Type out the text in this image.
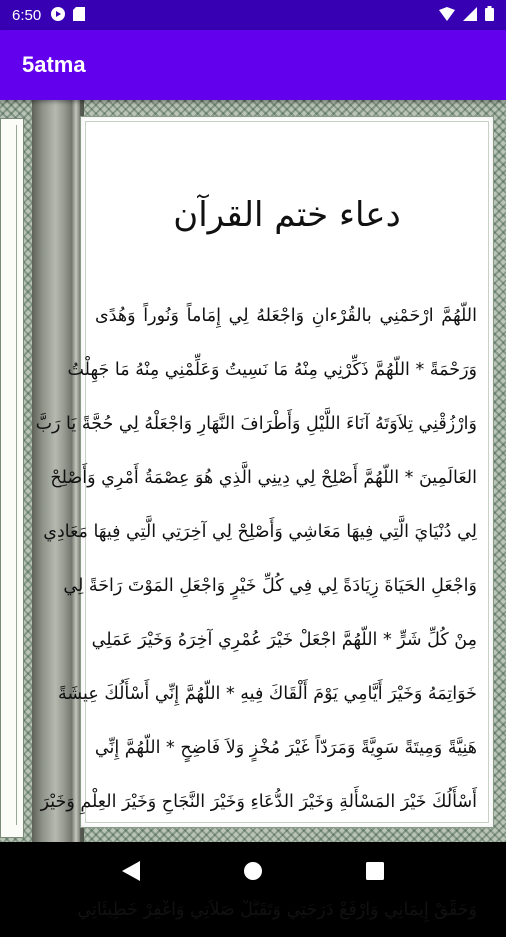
6:50
5atma
دعاء ختم القرآن
اللّهُمَّ ارْحَمْنِي بالقُرْءانِ وَاجْعَلهُ لِي إِمَاماً وَنُوراً وَهُدًى
وَرَحْمَةً * اللّهُمَّ ذَكِّرْنِي مِنْهُ مَا نَسِيتُ وَعَلِّمْنِي مِنْهُ مَا جَهِلْتُ
وَارْزُقْنِي تِلاَوَتَهُ آنَاءَ اللَّيْلِ وَأَطْرَافَ النَّهَارِ وَاجْعَلْهُ لِي حُجَّةً يَا رَبَّ
العَالَمِينَ * اللّهُمَّ أَصْلِحْ لِي دِينِي الَّذِي هُوَ عِصْمَةُ أَمْرِي وَأَصْلِحْ
لِي دُنْيَايَ الَّتِي فِيهَا مَعَاشِي وَأَصْلِحْ لِي آخِرَتِي الَّتِي فِيهَا مَعَادِي
وَاجْعَلِ الحَيَاةَ زِيَادَةً لِي فِي كُلِّ خَيْرٍ وَاجْعَلِ المَوْتَ رَاحَةً لِي
مِنْ كُلِّ شَرٍّ * اللّهُمَّ اجْعَلْ خَيْرَ عُمْرِي آخِرَهُ وَخَيْرَ عَمَلِي
خَوَاتِمَهُ وَخَيْرَ أَيَّامِي يَوْمَ أَلْقَاكَ فِيهِ * اللّهُمَّ إِنِّي أَسْأَلُكَ عِيشَةً
هَنِيَّةً وَمِيتَةً سَوِيَّةً وَمَرَدّاً غَيْرَ مُخْزٍ وَلاَ فَاضِحٍ * اللّهُمَّ إِنِّي
أَسْأَلُكَ خَيْرَ المَسْأَلةِ وَخَيْرَ الدُّعَاءِ وَخَيْرَ النَّجَاحِ وَخَيْرَ العِلْمِ وَخَيْرَ
وَحَقِّقْ إِيمَانِي وَارْفَعْ دَرَجَتِي وَتَقَبَّلْ صَلاَتِي وَاغْفِرْ خَطِيئَاتِي
